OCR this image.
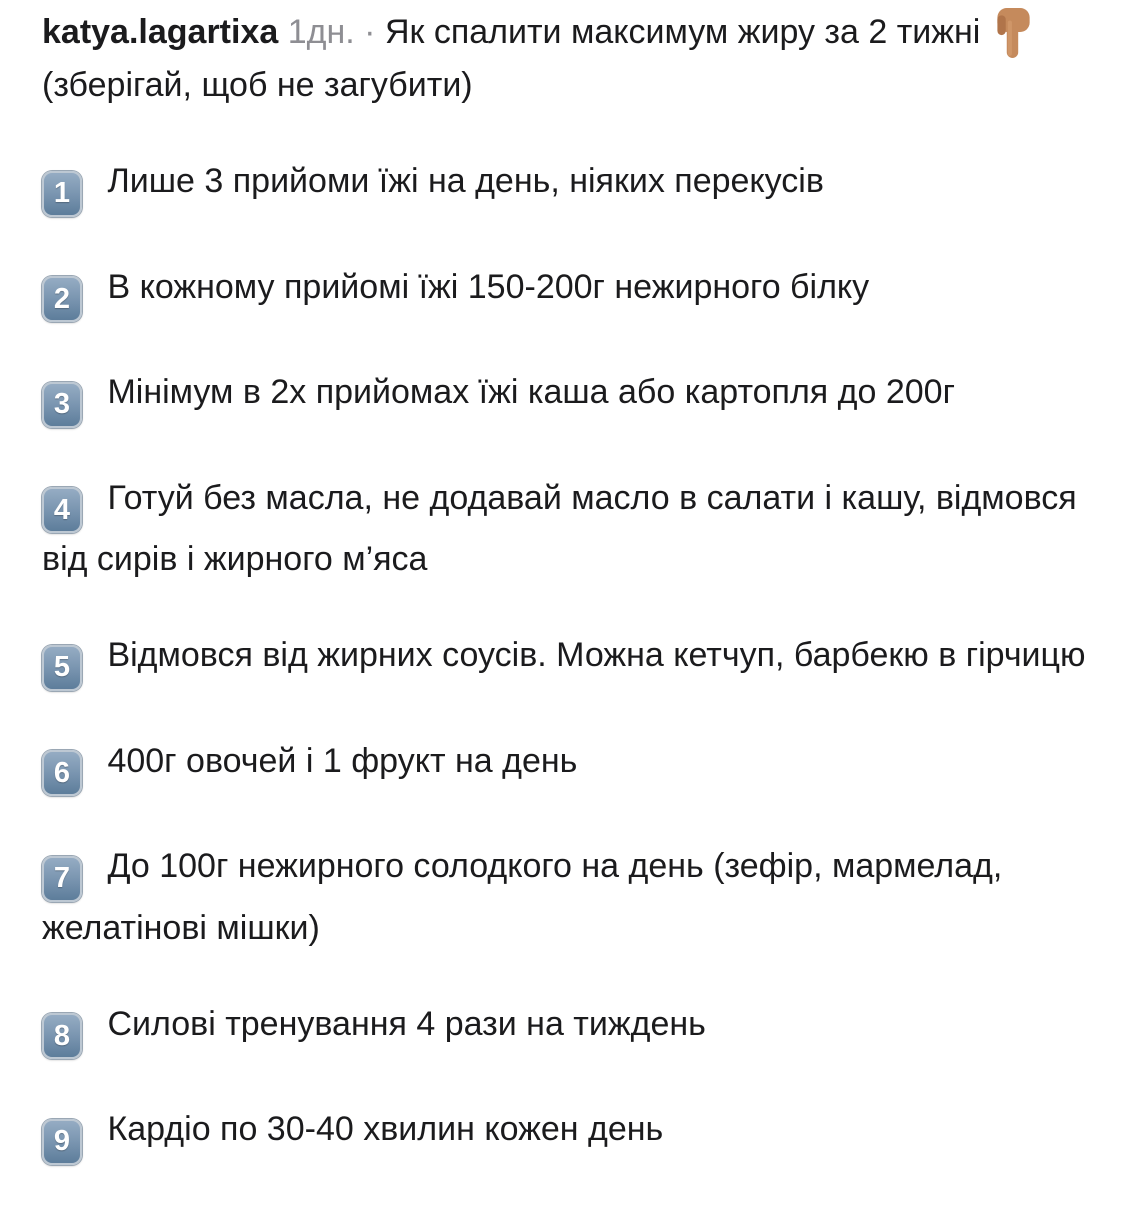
katya.lagartixa 1дн. · Як спалити максимум жиру за 2 тижні  (зберігай, щоб не загубити)

1 Лише 3 прийоми їжі на день, ніяких перекусів

2 В кожному прийомі їжі 150-200г нежирного білку

3 Мінімум в 2х прийомах їжі каша або картопля до 200г

4 Готуй без масла, не додавай масло в салати і кашу, відмовся від сирів і жирного м’яса

5 Відмовся від жирних соусів. Можна кетчуп, барбекю в гірчицю

6 400г овочей і 1 фрукт на день

7 До 100г нежирного солодкого на день (зефір, мармелад, желатінові мішки)

8 Силові тренування 4 рази на тиждень

9 Кардіо по 30-40 хвилин кожен день
